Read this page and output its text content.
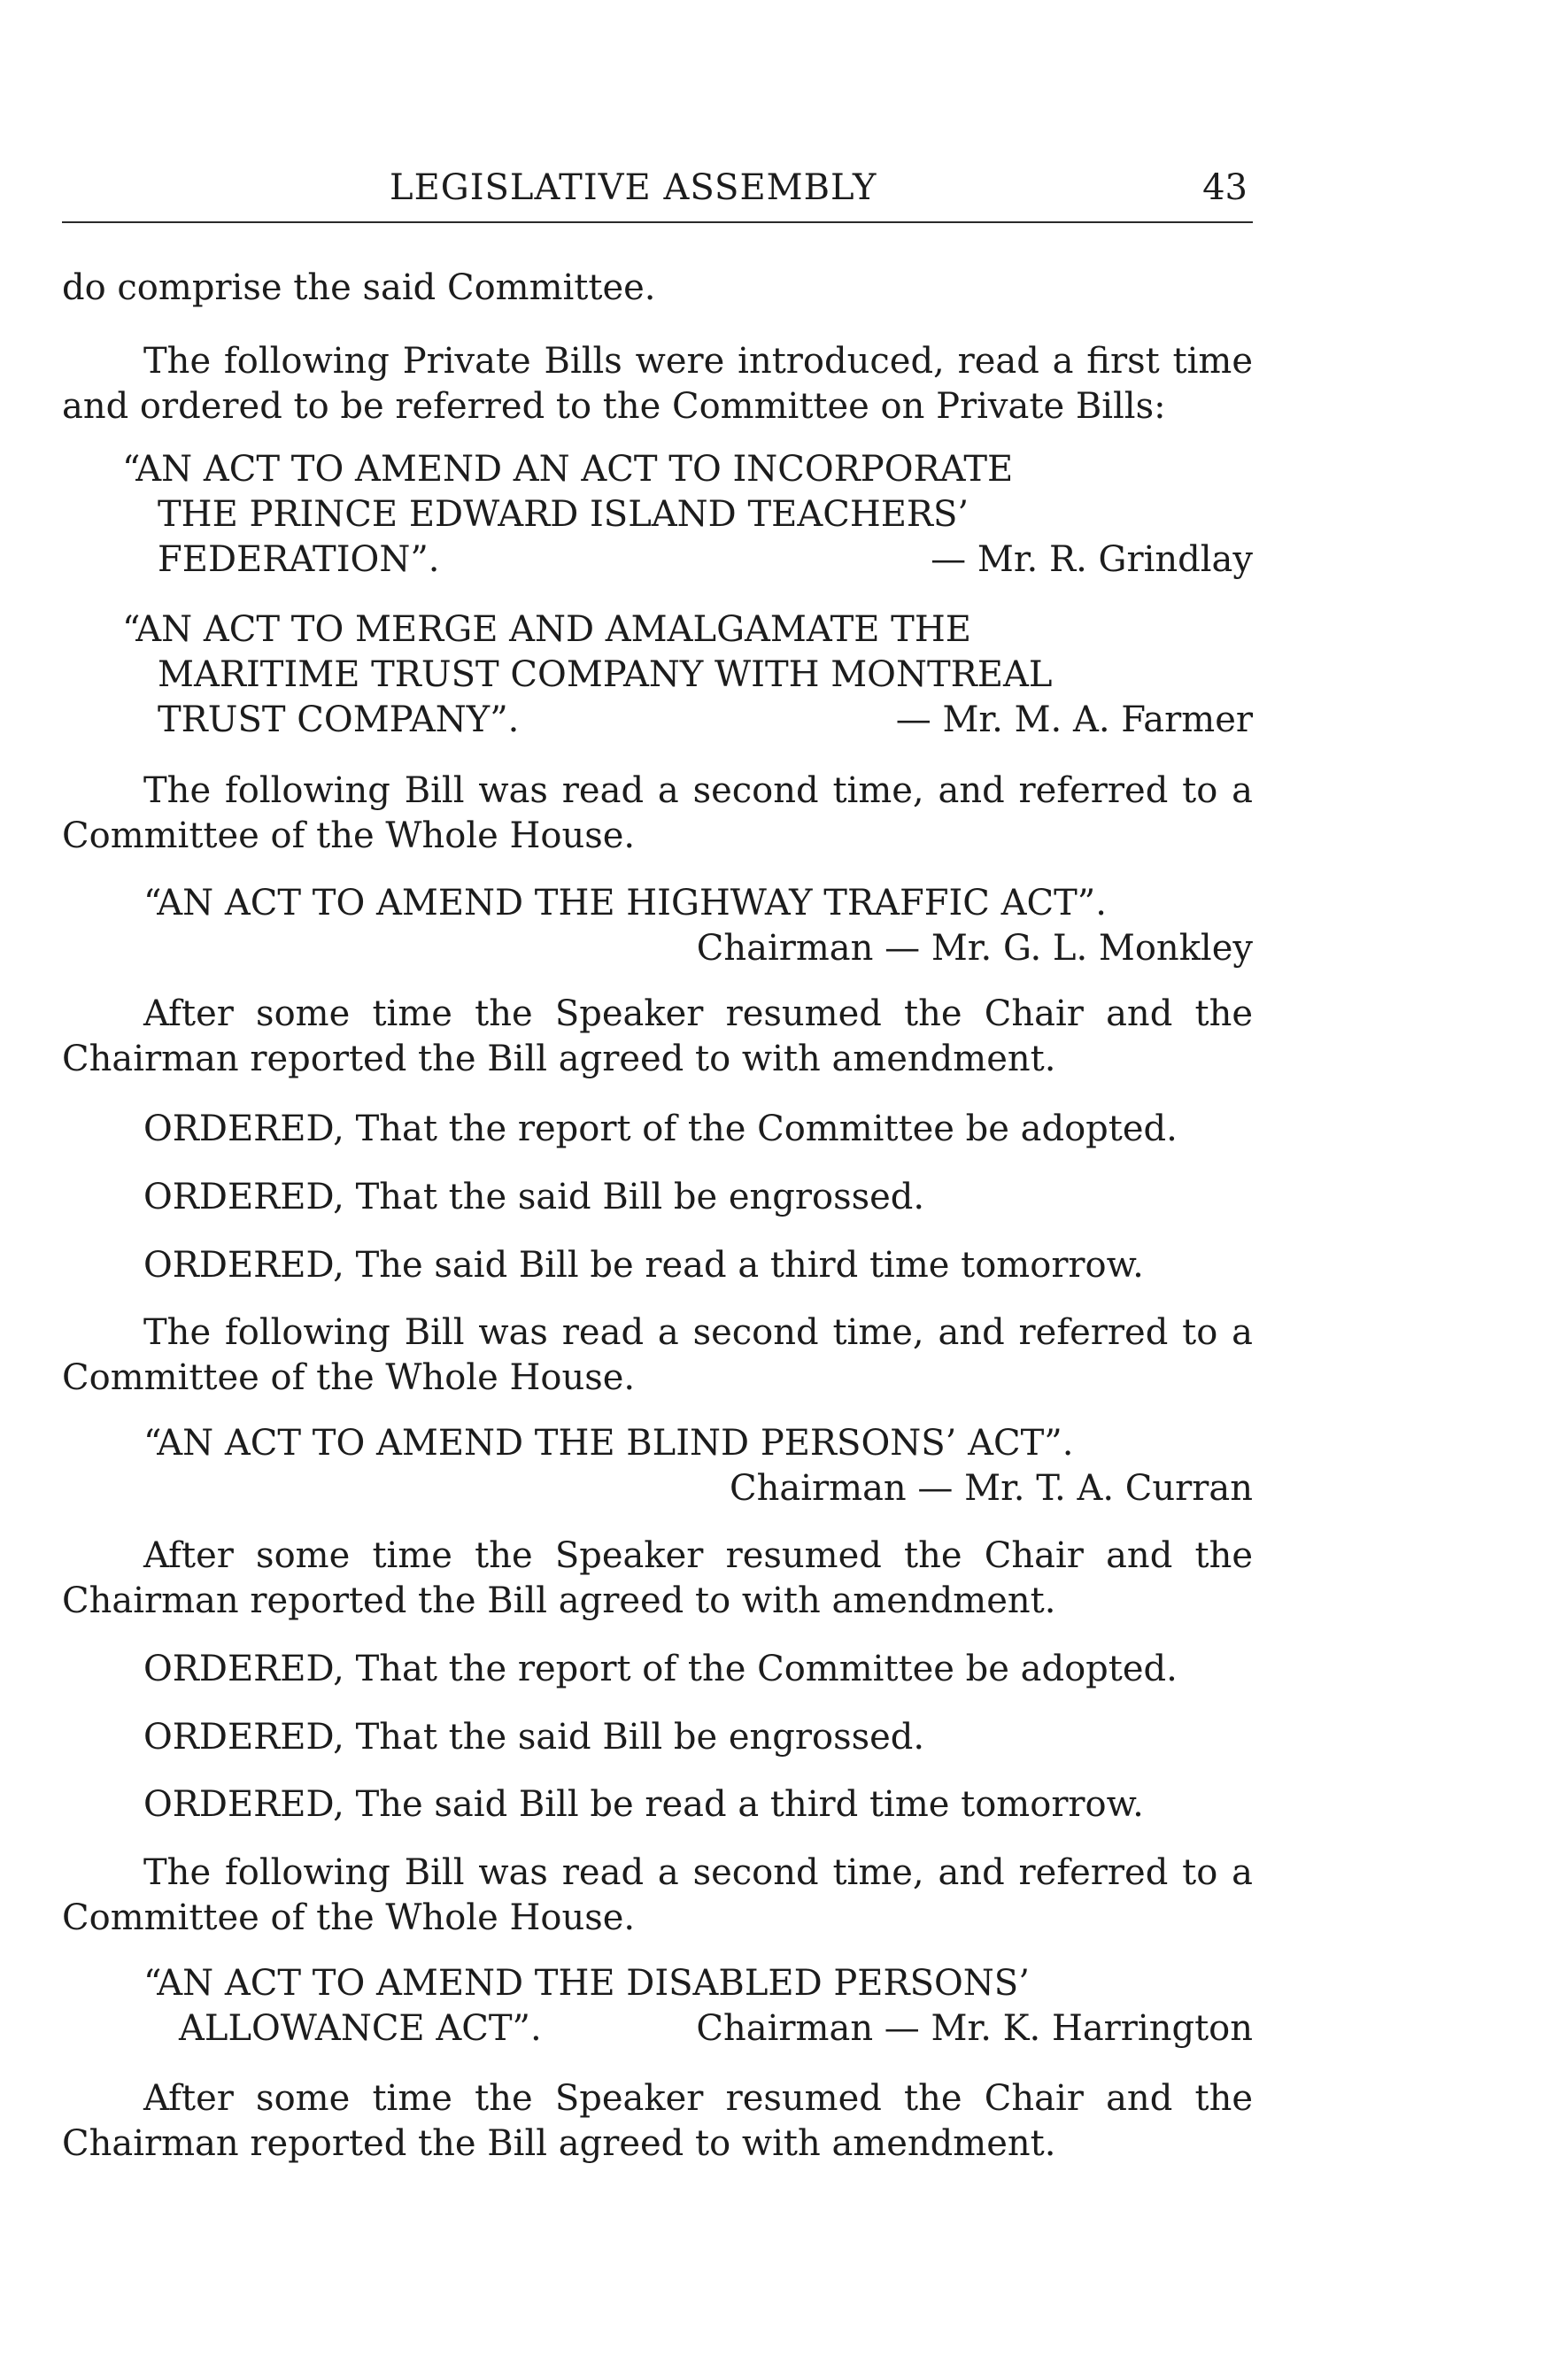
LEGISLATIVE ASSEMBLY	43

do comprise the said Committee.

The following Private Bills were introduced, read a first time and ordered to be referred to the Committee on Private Bills:

“AN ACT TO AMEND AN ACT TO INCORPORATE
THE PRINCE EDWARD ISLAND TEACHERS’
FEDERATION”.	— Mr. R. Grindlay
“AN ACT TO MERGE AND AMALGAMATE THE
MARITIME TRUST COMPANY WITH MONTREAL
TRUST COMPANY”.	— Mr. M. A. Farmer

The following Bill was read a second time, and referred to a Committee of the Whole House.

“AN ACT TO AMEND THE HIGHWAY TRAFFIC ACT”.
Chairman — Mr. G. L. Monkley

After some time the Speaker resumed the Chair and the Chairman reported the Bill agreed to with amendment.

ORDERED, That the report of the Committee be adopted.

ORDERED, That the said Bill be engrossed.

ORDERED, The said Bill be read a third time tomorrow.

The following Bill was read a second time, and referred to a Committee of the Whole House.

“AN ACT TO AMEND THE BLIND PERSONS’ ACT”.
Chairman — Mr. T. A. Curran

After some time the Speaker resumed the Chair and the Chairman reported the Bill agreed to with amendment.

ORDERED, That the report of the Committee be adopted.

ORDERED, That the said Bill be engrossed.

ORDERED, The said Bill be read a third time tomorrow.

The following Bill was read a second time, and referred to a Committee of the Whole House.

“AN ACT TO AMEND THE DISABLED PERSONS’
ALLOWANCE ACT”.	Chairman — Mr. K. Harrington

After some time the Speaker resumed the Chair and the Chairman reported the Bill agreed to with amendment.
